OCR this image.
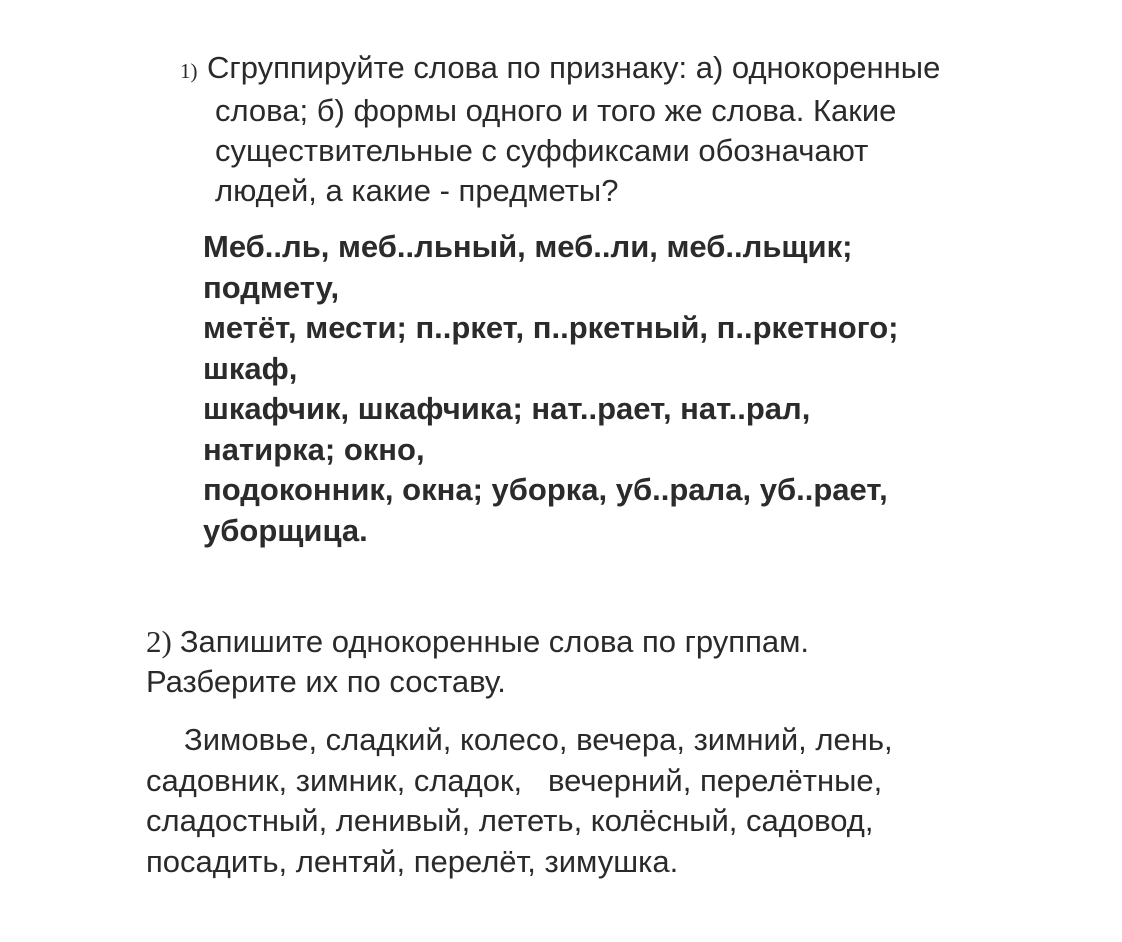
1) Сгруппируйте слова по признаку: а) однокоренные
слова; б) формы одного и того же слова. Какие
существительные с суффиксами обозначают
людей, а какие - предметы?

Меб..ль, меб..льный, меб..ли, меб..льщик;
подмету,
метёт, мести; п..ркет, п..ркетный, п..ркетного;
шкаф,
шкафчик, шкафчика; нат..рает, нат..рал,
натирка; окно,
подоконник, окна; уборка, уб..рала, уб..рает,
уборщица.

2) Запишите однокоренные слова по группам.
Разберите их по составу.

Зимовье, сладкий, колесо, вечера, зимний, лень,
садовник, зимник, сладок,   вечерний, перелётные,
сладостный, ленивый, лететь, колёсный, садовод,
посадить, лентяй, перелёт, зимушка.
